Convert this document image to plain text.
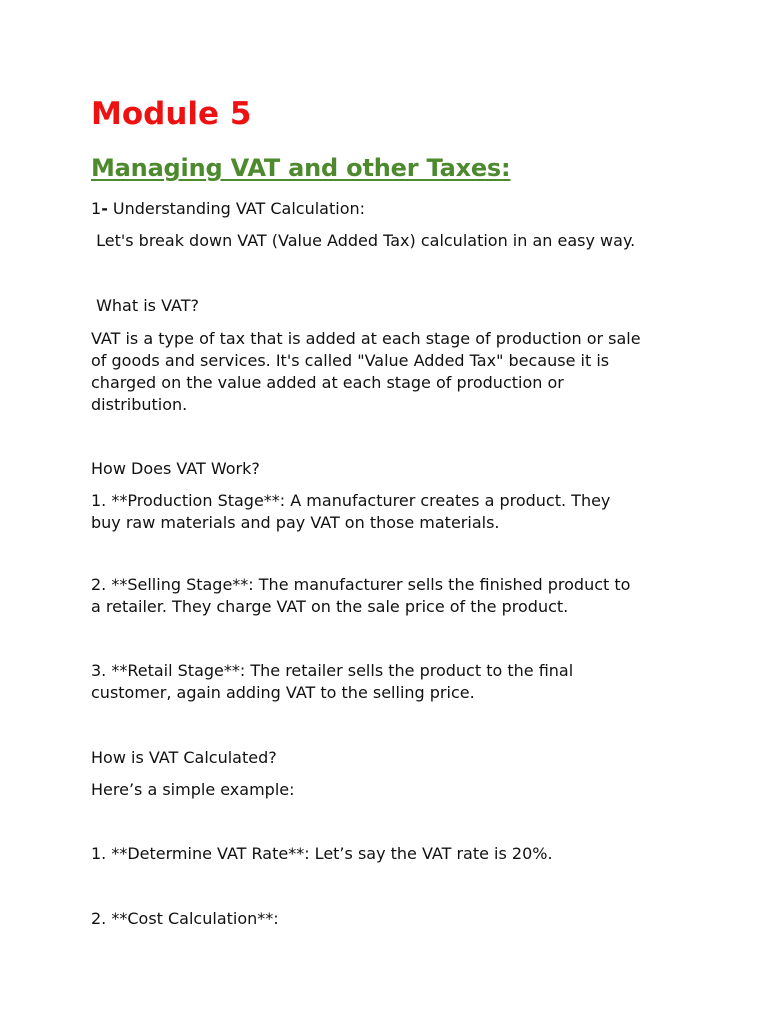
Module 5
Managing VAT and other Taxes:

1- Understanding VAT Calculation:

Let's break down VAT (Value Added Tax) calculation in an easy way.

What is VAT?

VAT is a type of tax that is added at each stage of production or sale

of goods and services. It's called "Value Added Tax" because it is

charged on the value added at each stage of production or

distribution.

How Does VAT Work?

1. **Production Stage**: A manufacturer creates a product. They

buy raw materials and pay VAT on those materials.

2. **Selling Stage**: The manufacturer sells the finished product to

a retailer. They charge VAT on the sale price of the product.

3. **Retail Stage**: The retailer sells the product to the final

customer, again adding VAT to the selling price.

How is VAT Calculated?

Here’s a simple example:

1. **Determine VAT Rate**: Let’s say the VAT rate is 20%.

2. **Cost Calculation**:
